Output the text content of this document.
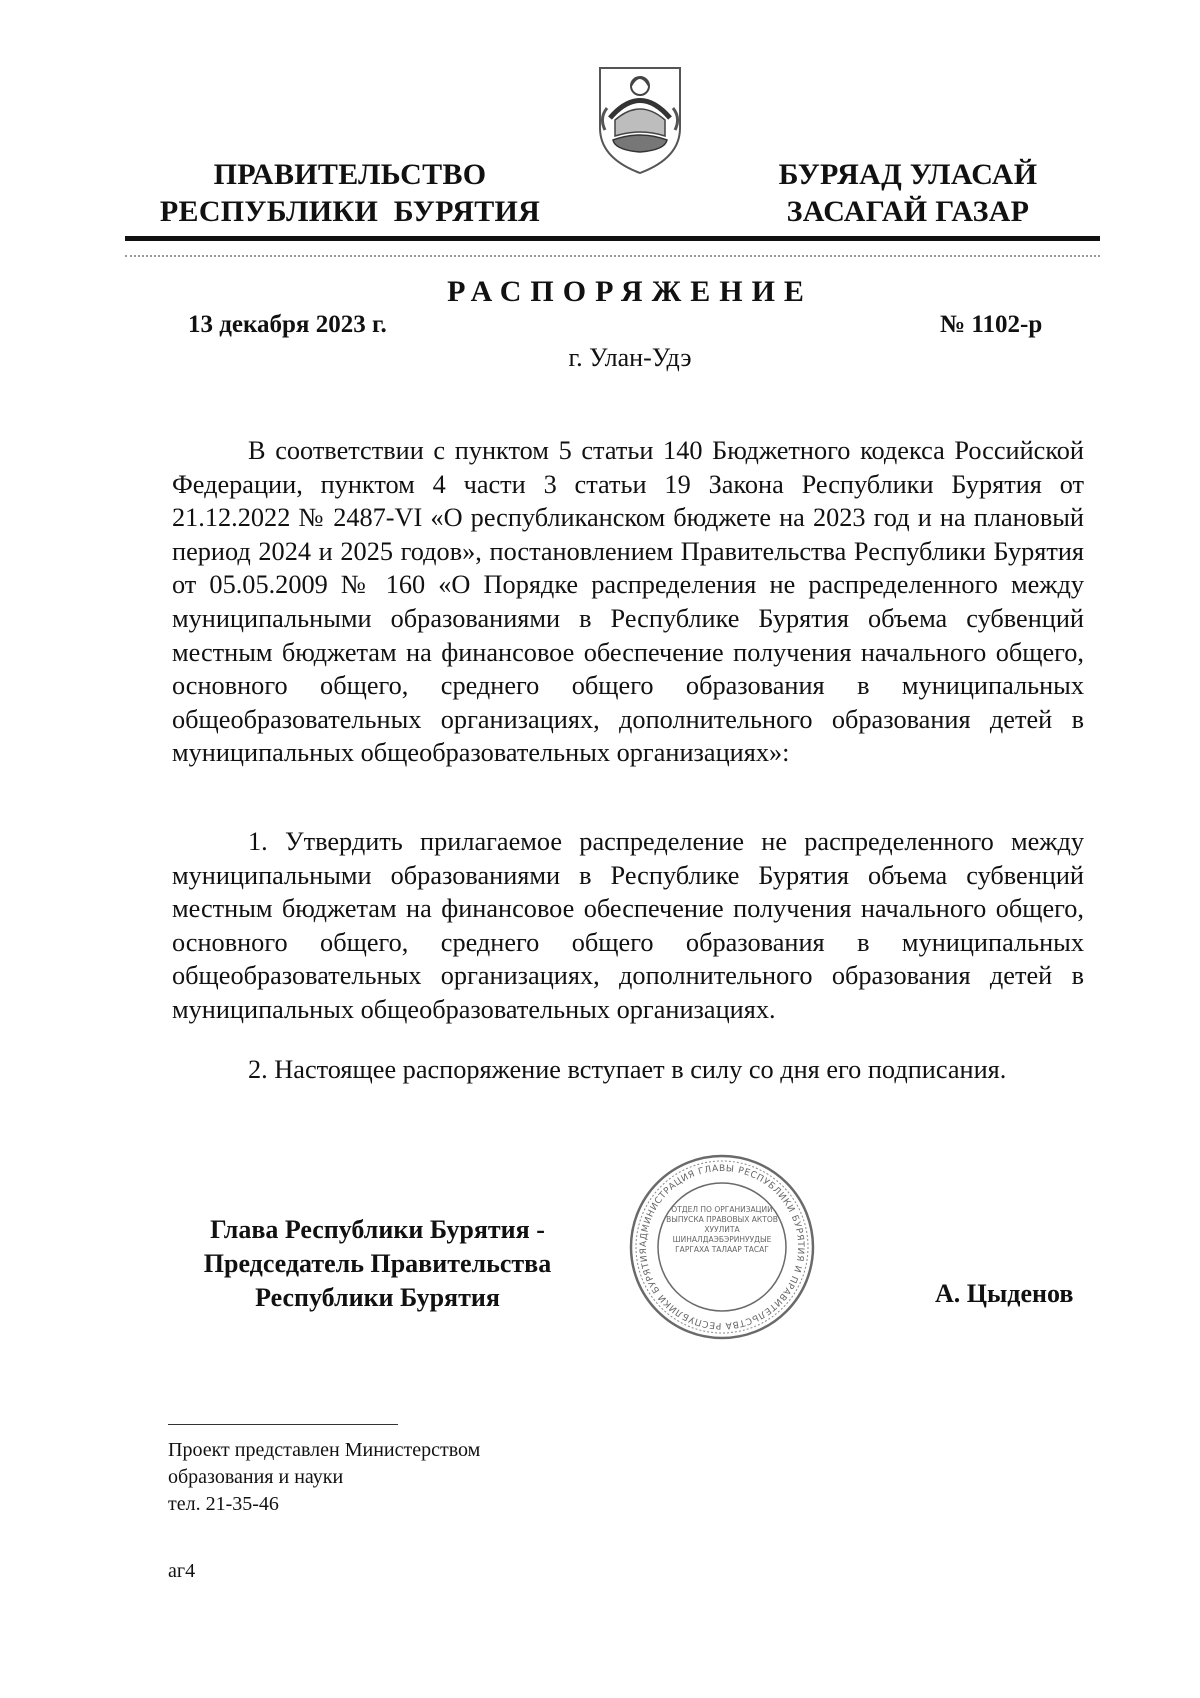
ПРАВИТЕЛЬСТВО
РЕСПУБЛИКИ  БУРЯТИЯ
БУРЯАД УЛАСАЙ
ЗАСАГАЙ ГАЗАР
РАСПОРЯЖЕНИЕ
13 декабря 2023 г.	№ 1102-р
г. Улан-Удэ

В соответствии с пунктом 5 статьи 140 Бюджетного кодекса Российской Федерации, пунктом 4 части 3 статьи 19 Закона Республики Бурятия от 21.12.2022 № 2487-VI «О республиканском бюджете на 2023 год и на плановый период 2024 и 2025 годов», постановлением Правительства Республики Бурятия от 05.05.2009 № 160 «О Порядке распределения не распределенного между муниципальными образованиями в Республике Бурятия объема субвенций местным бюджетам на финансовое обеспечение получения начального общего, основного общего, среднего общего образования в муниципальных общеобразовательных организациях, дополнительного образования детей в муниципальных общеобразовательных организациях»:

1. Утвердить прилагаемое распределение не распределенного между муниципальными образованиями в Республике Бурятия объема субвенций местным бюджетам на финансовое обеспечение получения начального общего, основного общего, среднего общего образования в муниципальных общеобразовательных организациях, дополнительного образования детей в муниципальных общеобразовательных организациях.

2. Настоящее распоряжение вступает в силу со дня его подписания.

Глава Республики Бурятия -
Председатель Правительства
Республики Бурятия
АДМИНИСТРАЦИЯ ГЛАВЫ РЕСПУБЛИКИ БУРЯТИЯ И ПРАВИТЕЛЬСТВА РЕСПУБЛИКИ БУРЯТИЯ
ОТДЕЛ ПО ОРГАНИЗАЦИИ ВЫПУСКА ПРАВОВЫХ АКТОВ ХУУЛИТА ШИНАЛДАЭБЭРИНУУДЫЕ ГАРГАХА ТАЛААР ТАСАГ
А. Цыденов
Проект представлен Министерством
образования и науки
тел. 21-35-46
аг4
